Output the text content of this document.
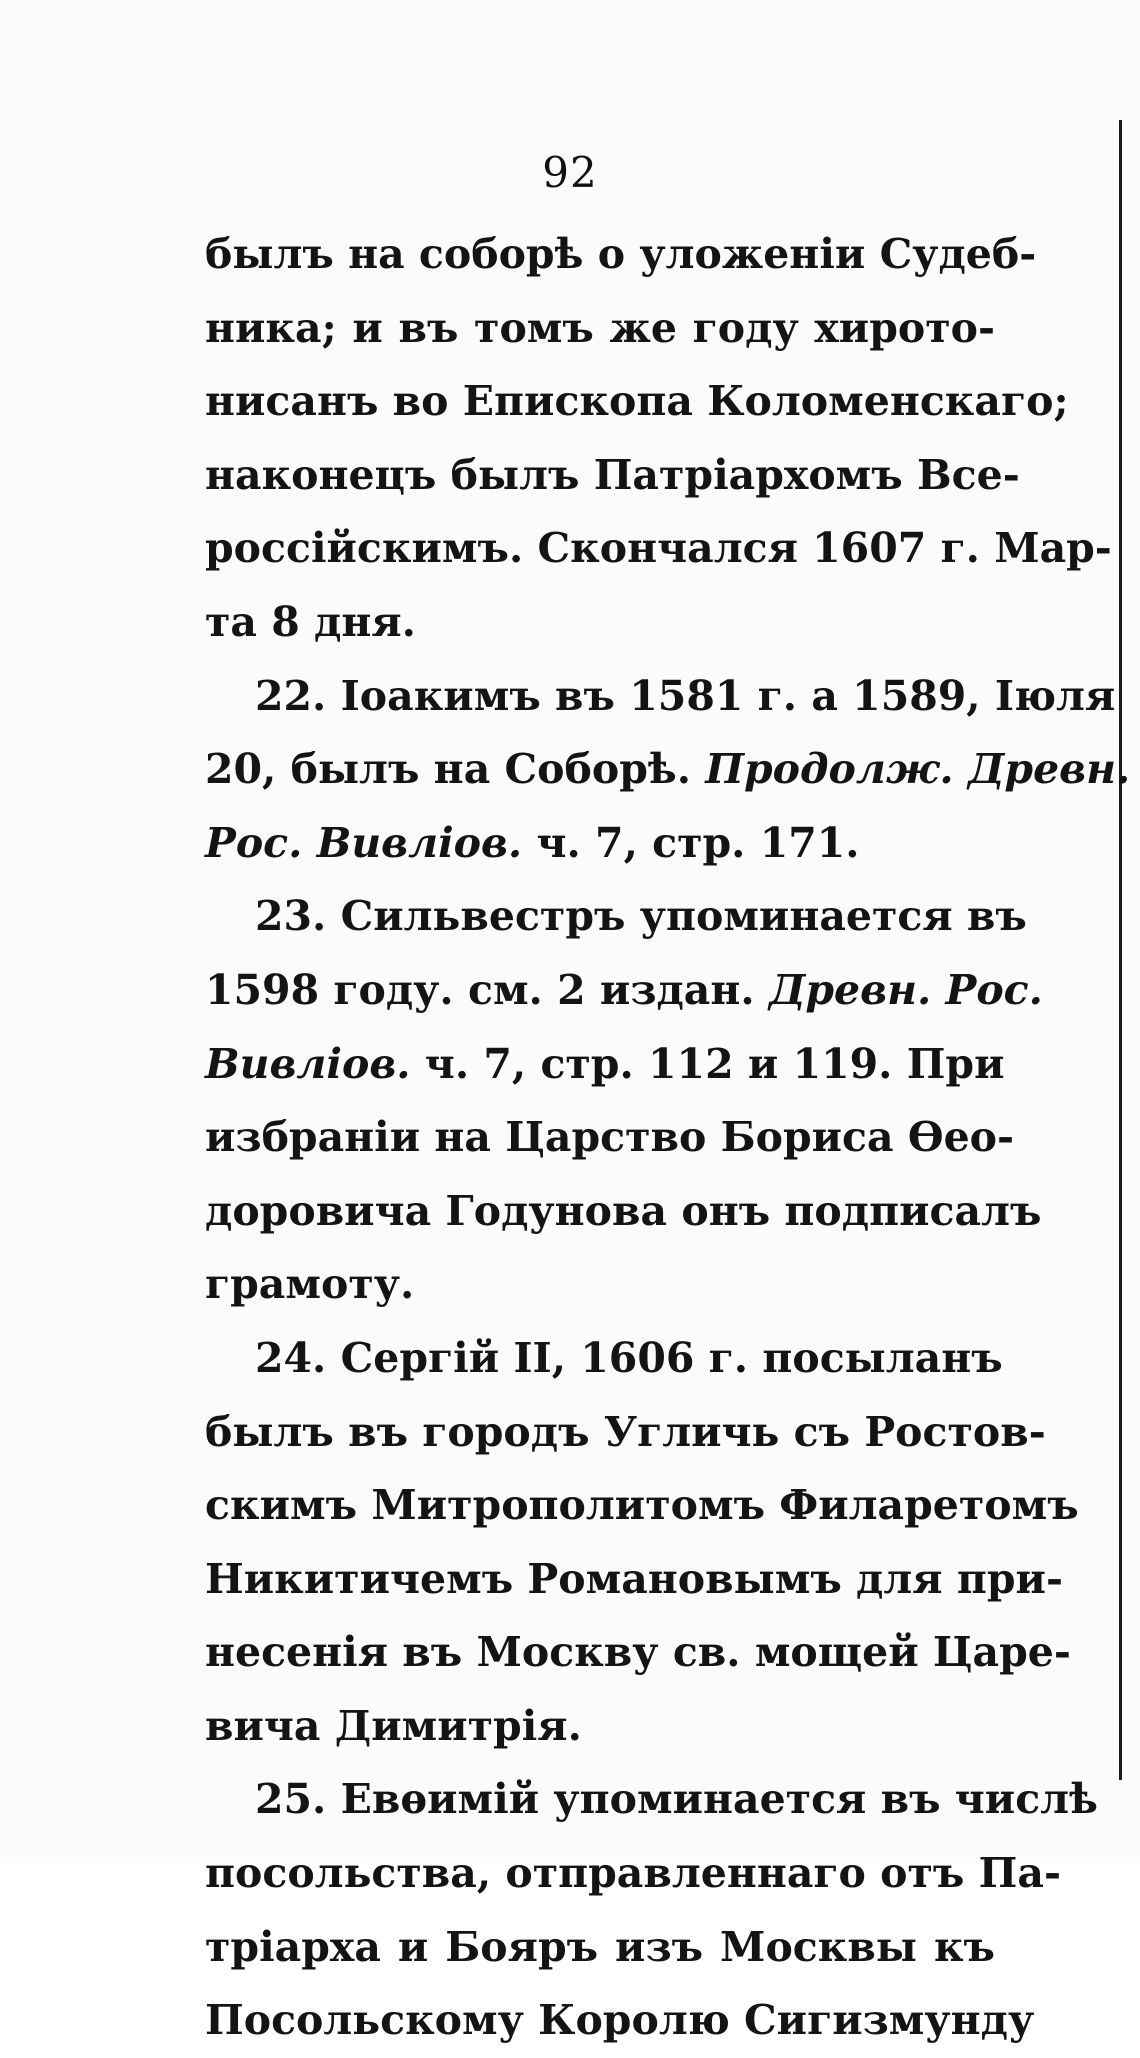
92
былъ на соборѣ о уложеніи Судеб-
ника; и въ томъ же году хирото-
нисанъ во Епископа Коломенскаго;
наконецъ былъ Патріархомъ Все-
россійскимъ. Скончался 1607 г. Мар-
та 8 дня.
22. Іоакимъ въ 1581 г. а 1589, Іюля
20, былъ на Соборѣ. Продолж. Древн.
Рос. Вивліов. ч. 7, стр. 171.
23. Сильвестръ упоминается въ
1598 году. см. 2 издан. Древн. Рос.
Вивліов. ч. 7, стр. 112 и 119. При
избраніи на Царство Бориса Ѳео-
доровича Годунова онъ подписалъ
грамоту.
24. Сергій II, 1606 г. посыланъ
былъ въ городъ Угличь съ Ростов-
скимъ Митрополитомъ Филаретомъ
Никитичемъ Романовымъ для при-
несенія въ Москву св. мощей Царе-
вича Димитрія.
25. Евѳимій упоминается въ числѣ
посольства, отправленнаго отъ Па-
тріарха и Бояръ изъ Москвы къ
Посольскому Королю Сигизмунду
